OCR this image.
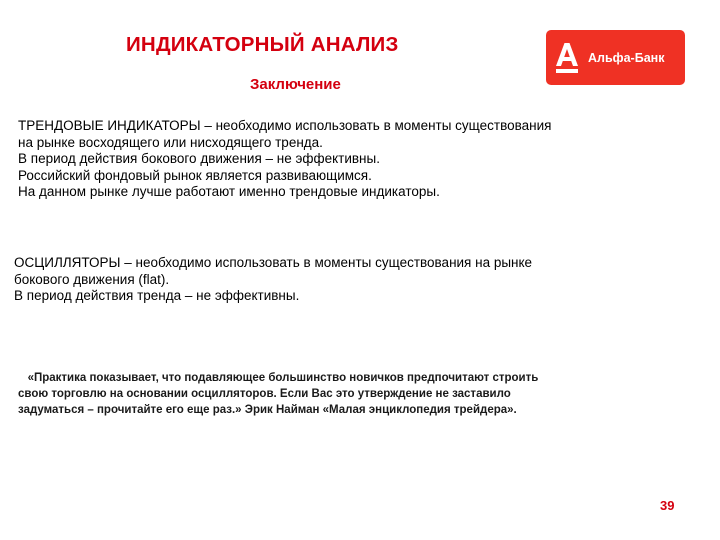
ИНДИКАТОРНЫЙ АНАЛИЗ
Заключение
Альфа-Банк
ТРЕНДОВЫЕ ИНДИКАТОРЫ – необходимо использовать в моменты существования
на рынке восходящего или нисходящего тренда.
В период действия бокового движения – не эффективны.
Российский фондовый рынок является развивающимся.
На данном рынке лучше работают именно трендовые индикаторы.
ОСЦИЛЛЯТОРЫ – необходимо использовать в моменты существования на рынке
бокового движения (flat).
В период действия тренда – не эффективны.
«Практика показывает, что подавляющее большинство новичков предпочитают строить
свою торговлю на основании осцилляторов. Если Вас это утверждение не заставило
задуматься – прочитайте его еще раз.» Эрик Найман «Малая энциклопедия трейдера».
39
